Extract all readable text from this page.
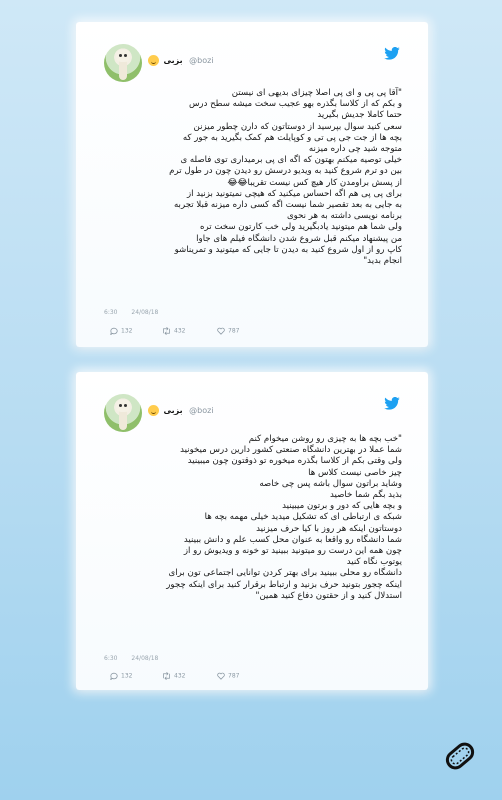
بزبی @bozi

"آقا پی پی و ای پی اصلا چیزای بدیهی ای نیستن

و بکم که از کلاسا بگذره بهو عجیب سخت میشه سطح درس

حتما کاملا جدیش بگیرید

سعی کنید سوال بپرسید از دوستاتون که دارن چطور میزنن

بچه ها از جت جی پی تی و کوپایلت هم کمک بگیرید به جور که

متوجه شید چی داره میزنه

خیلی توصیه میکنم بهتون که اگه ای پی برمیداری توی فاصله ی

بین دو ترم شروع کنید به ویدیو درسش رو دیدن چون در طول ترم

از پسش براومدن کار هیچ کس نیست تقریبا😂😂

برای پی پی هم اگه احساس میکنید که هیچی نمیتونید بزنید از

به جایی به بعد تقصیر شما نیست اگه کسی داره میزنه قبلا تجربه

برنامه نویسی داشته به هر نحوی

ولی شما هم میتونید یادبگیرید ولی خب کارتون سخت تره

من پیشنهاد میکنم قبل شروع شدن دانشگاه فیلم های جاوا

کاپ رو از اول شروع کنید به دیدن تا جایی که میتونید و تمریناشو

انجام بدید"

6:30 24/08/18
132	432	787
بزبی @bozi

"خب بچه ها به چیزی رو روشن میخوام کنم

شما عملا در بهترین دانشگاه صنعتی کشور دارین درس میخونید

ولی وقتی بکم از کلاسا بگذره میخوره تو ذوقتون چون میبینید

چیز خاصی نیست کلاس ها

وشاید براتون سوال باشه پس چی خاصه

بذید بگم شما خاصید

و بچه هایی که دور و برتون میبینید

شبکه ی ارتباطی ای که تشکیل میدید خیلی مهمه بچه ها

دوستاتون اینکه هر روز با کیا حرف میزنید

شما دانشگاه رو واقعا به عنوان محل کسب علم و دانش ببینید

چون همه این درست رو میتونید ببینید تو خونه و ویدیوش رو از

یوتوب نگاه کنید

دانشگاه رو محلی ببینید برای بهتر کردن توانایی اجتماعی تون برای

اینکه چجور بتونید حرف بزنید و ارتباط برقرار کنید برای اینکه چجور

استدلال کنید و از حقتون دفاع کنید همین"

6:30 24/08/18
132	432	787
